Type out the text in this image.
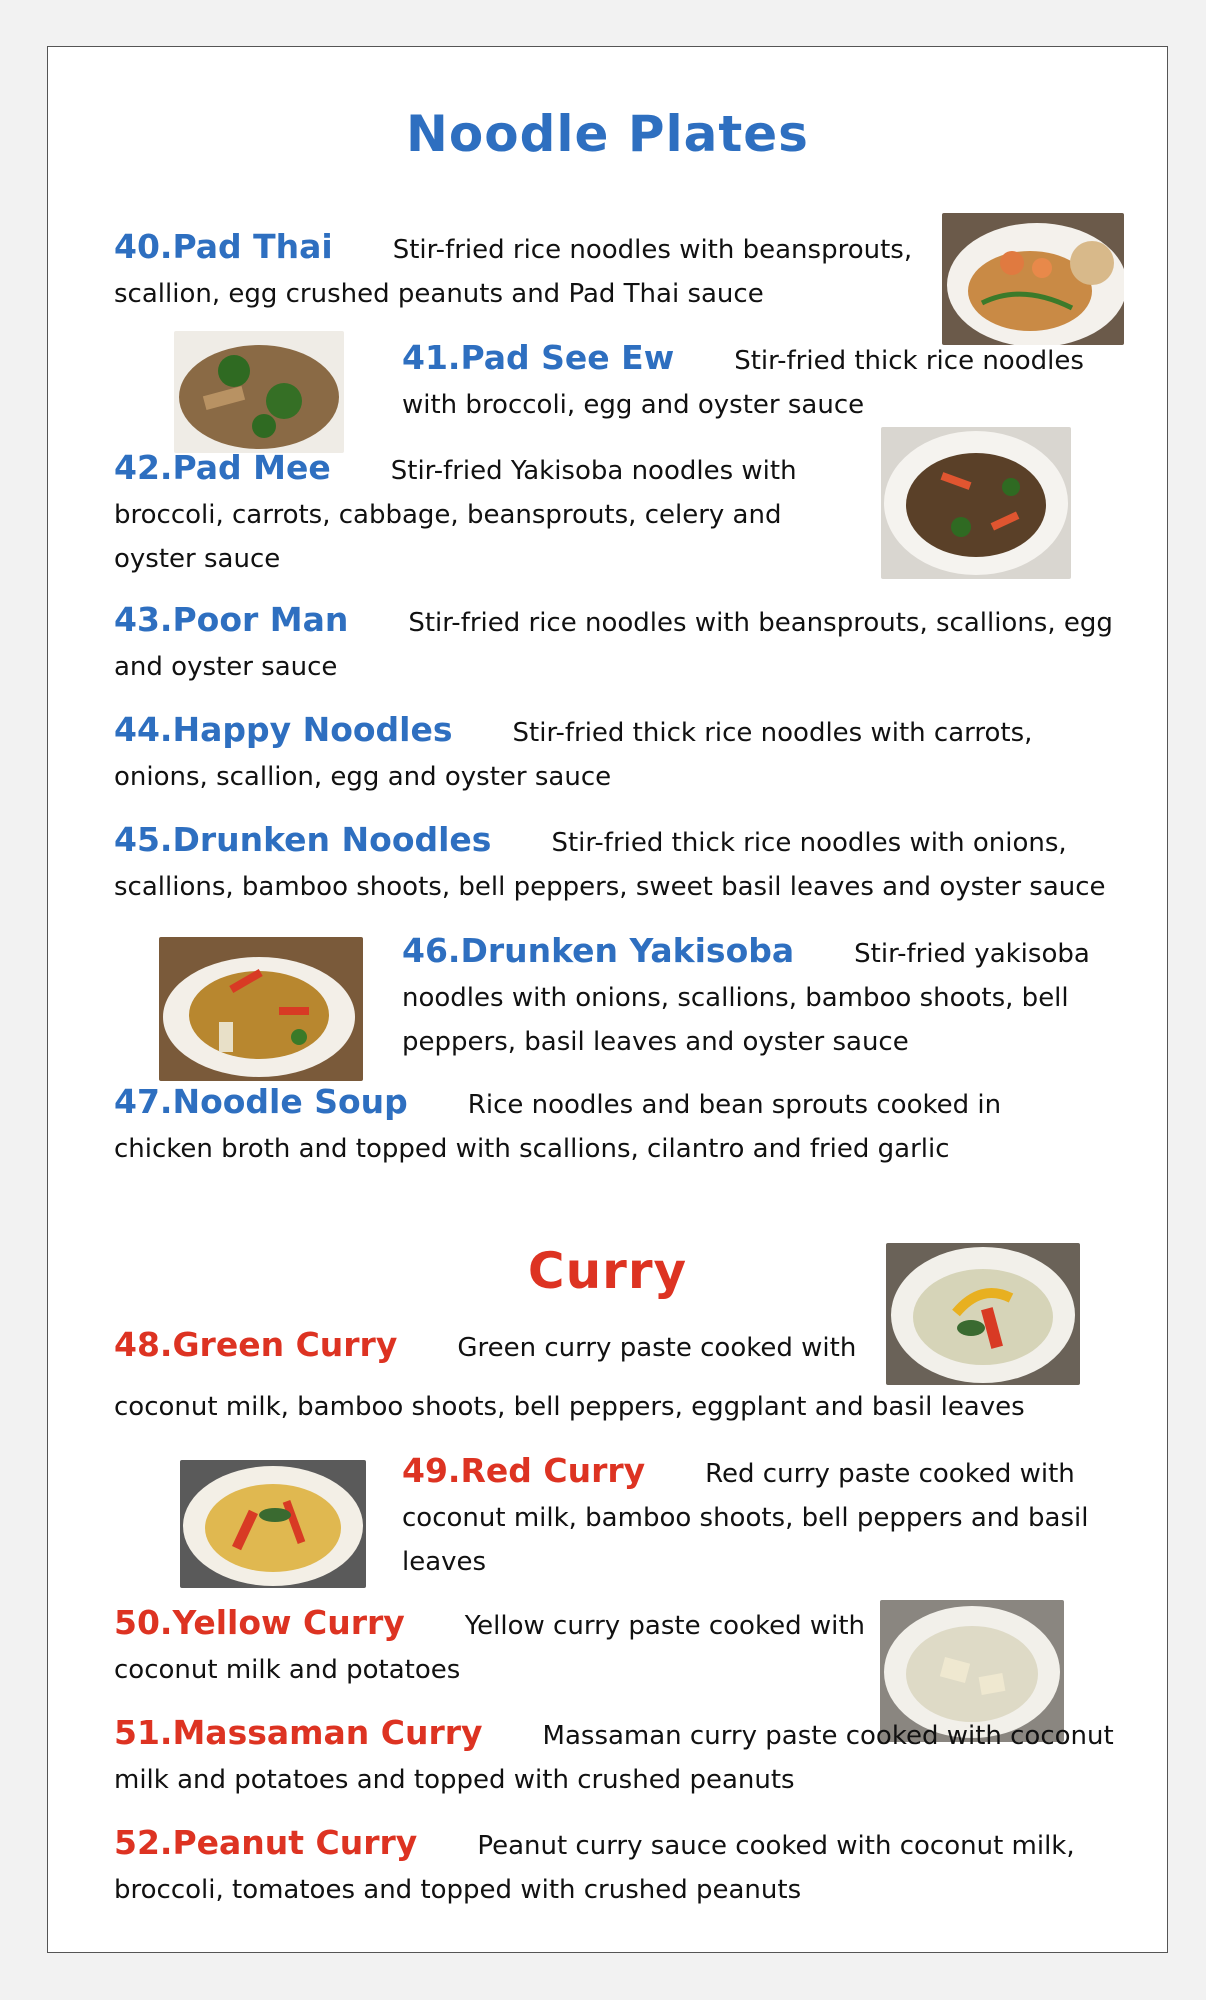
Noodle Plates
40.Pad Thai Stir-fried rice noodles with beansprouts, scallion, egg crushed peanuts and Pad Thai sauce
41.Pad See Ew Stir-fried thick rice noodles with broccoli, egg and oyster sauce
42.Pad Mee Stir-fried Yakisoba noodles with broccoli, carrots, cabbage, beansprouts, celery and oyster sauce
43.Poor Man Stir-fried rice noodles with beansprouts, scallions, egg and oyster sauce
44.Happy Noodles Stir-fried thick rice noodles with carrots, onions, scallion, egg and oyster sauce
45.Drunken Noodles Stir-fried thick rice noodles with onions, scallions, bamboo shoots, bell peppers, sweet basil leaves and oyster sauce
46.Drunken Yakisoba Stir-fried yakisoba noodles with onions, scallions, bamboo shoots, bell peppers, basil leaves and oyster sauce
47.Noodle Soup Rice noodles and bean sprouts cooked in chicken broth and topped with scallions, cilantro and fried garlic
Curry
48.Green Curry Green curry paste cooked with
coconut milk, bamboo shoots, bell peppers, eggplant and basil leaves
49.Red Curry Red curry paste cooked with coconut milk, bamboo shoots, bell peppers and basil leaves
50.Yellow Curry Yellow curry paste cooked with coconut milk and potatoes
51.Massaman Curry Massaman curry paste cooked with coconut milk and potatoes and topped with crushed peanuts
52.Peanut Curry Peanut curry sauce cooked with coconut milk, broccoli, tomatoes and topped with crushed peanuts
